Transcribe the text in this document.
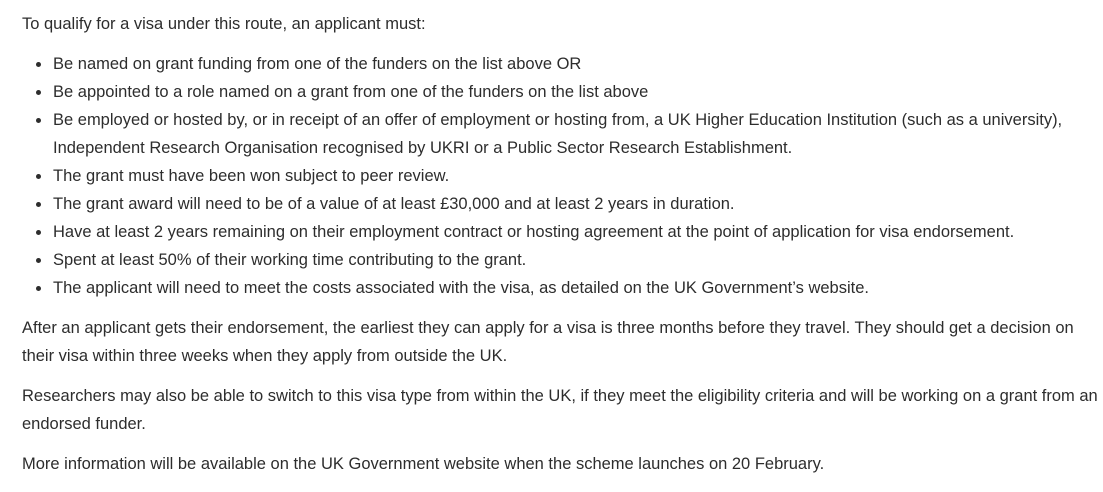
To qualify for a visa under this route, an applicant must:

Be named on grant funding from one of the funders on the list above OR
Be appointed to a role named on a grant from one of the funders on the list above
Be employed or hosted by, or in receipt of an offer of employment or hosting from, a UK Higher Education Institution (such as a university), Independent Research Organisation recognised by UKRI or a Public Sector Research Establishment.
The grant must have been won subject to peer review.
The grant award will need to be of a value of at least £30,000 and at least 2 years in duration.
Have at least 2 years remaining on their employment contract or hosting agreement at the point of application for visa endorsement.
Spent at least 50% of their working time contributing to the grant.
The applicant will need to meet the costs associated with the visa, as detailed on the UK Government’s website.

After an applicant gets their endorsement, the earliest they can apply for a visa is three months before they travel. They should get a decision on their visa within three weeks when they apply from outside the UK.

Researchers may also be able to switch to this visa type from within the UK, if they meet the eligibility criteria and will be working on a grant from an endorsed funder.

More information will be available on the UK Government website when the scheme launches on 20 February.
